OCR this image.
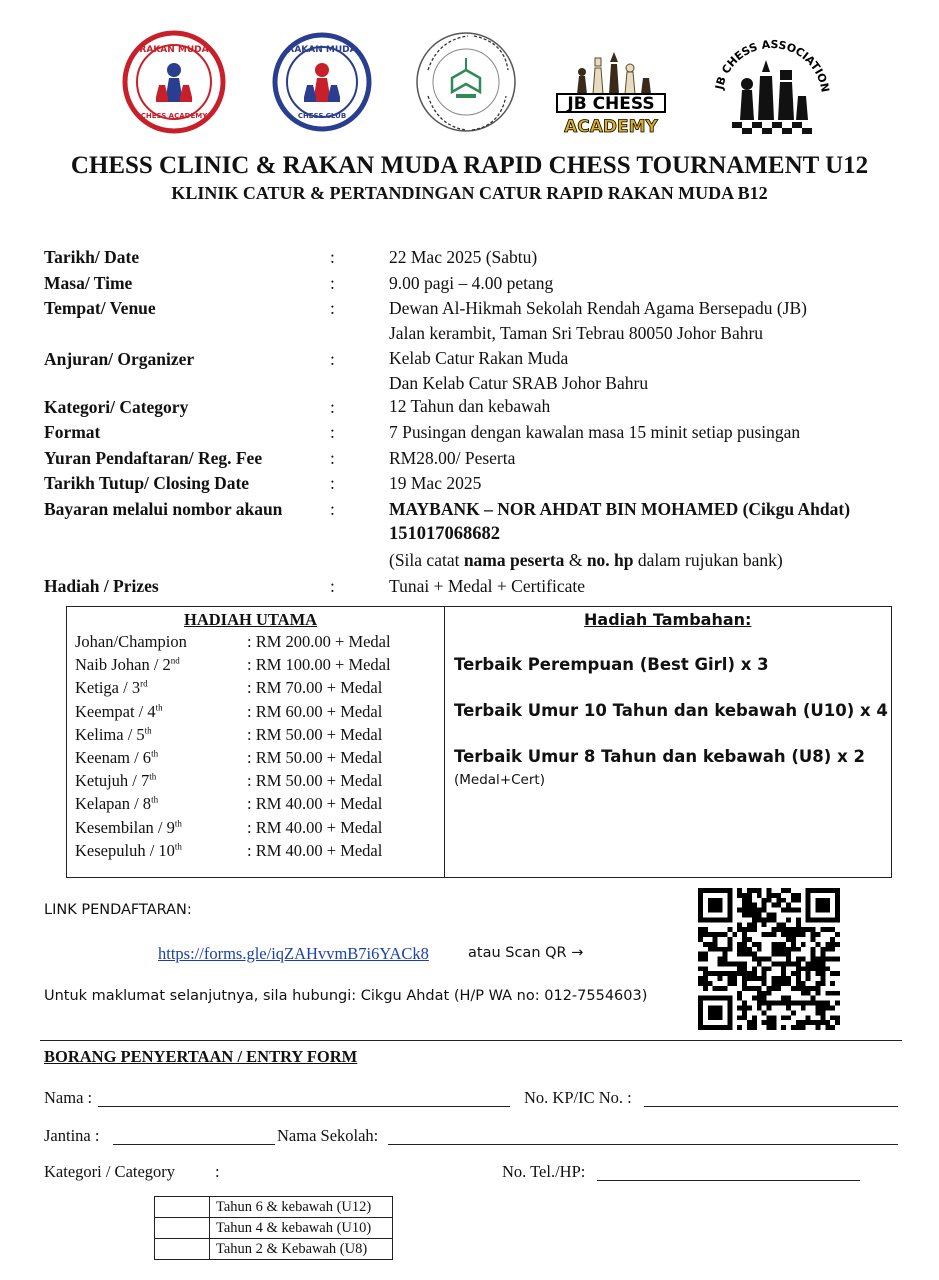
RAKAN MUDA
CHESS ACADEMY
RAKAN MUDA
CHESS CLUB
JB CHESS
ACADEMY
JB CHESS ASSOCIATION
CHESS CLINIC & RAKAN MUDA RAPID CHESS TOURNAMENT U12
KLINIK CATUR & PERTANDINGAN CATUR RAPID RAKAN MUDA B12
Tarikh/ Date	:	22 Mac 2025 (Sabtu)
Masa/ Time	:	9.00 pagi – 4.00 petang
Tempat/ Venue	:	Dewan Al-Hikmah Sekolah Rendah Agama Bersepadu (JB)
Jalan kerambit, Taman Sri Tebrau 80050 Johor Bahru
Anjuran/ Organizer	:	Kelab Catur Rakan Muda
Dan Kelab Catur SRAB Johor Bahru
Kategori/ Category	:	12 Tahun dan kebawah
Format	:	7 Pusingan dengan kawalan masa 15 minit setiap pusingan
Yuran Pendaftaran/ Reg. Fee	:	RM28.00/ Peserta
Tarikh Tutup/ Closing Date	:	19 Mac 2025
Bayaran melalui nombor akaun	:	MAYBANK – NOR AHDAT BIN MOHAMED (Cikgu Ahdat)
151017068682
(Sila catat nama peserta & no. hp dalam rujukan bank)
Hadiah / Prizes	:	Tunai + Medal + Certificate
HADIAH UTAMA
Johan/Champion	: RM 200.00 + Medal
Naib Johan / 2nd	: RM 100.00 + Medal
Ketiga / 3rd	: RM 70.00 + Medal
Keempat / 4th	: RM 60.00 + Medal
Kelima / 5th	: RM 50.00 + Medal
Keenam / 6th	: RM 50.00 + Medal
Ketujuh / 7th	: RM 50.00 + Medal
Kelapan / 8th	: RM 40.00 + Medal
Kesembilan / 9th	: RM 40.00 + Medal
Kesepuluh / 10th	: RM 40.00 + Medal
Hadiah Tambahan:
Terbaik Perempuan (Best Girl) x 3
Terbaik Umur 10 Tahun dan kebawah (U10) x 4
Terbaik Umur 8 Tahun dan kebawah (U8) x 2
(Medal+Cert)
LINK PENDAFTARAN:
https://forms.gle/iqZAHvvmB7i6YACk8	atau Scan QR →
Untuk maklumat selanjutnya, sila hubungi: Cikgu Ahdat (H/P WA no: 012-7554603)
BORANG PENYERTAAN / ENTRY FORM
Nama :	No. KP/IC No. :
Jantina :	Nama Sekolah:
Kategori / Category :	No. Tel./HP:
	Tahun 6 & kebawah (U12)
	Tahun 4 & kebawah (U10)
	Tahun 2 & Kebawah (U8)
